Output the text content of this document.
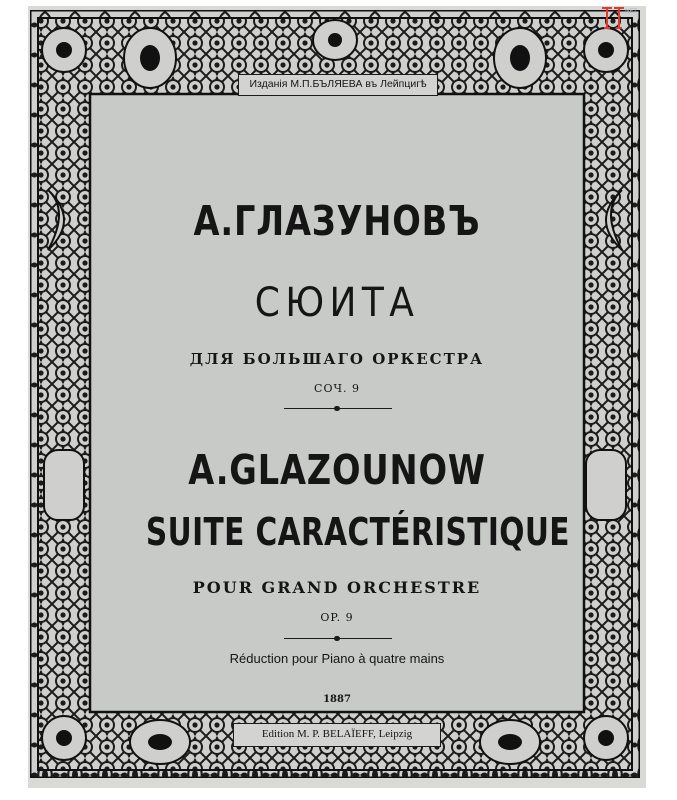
Изданія М.П.БЪЛЯЕВА въ Лейпцигѣ
А.ГЛАЗУНОВЪ
СЮИТА
ДЛЯ БОЛЬШАГО ОРКЕСТРА
СОЧ. 9
A.GLAZOUNOW
SUITE CARACTÉRISTIQUE
POUR GRAND ORCHESTRE
OP. 9
Réduction pour Piano à quatre mains
1887
Edition M. P. BELAÏEFF, Leipzig
NET
